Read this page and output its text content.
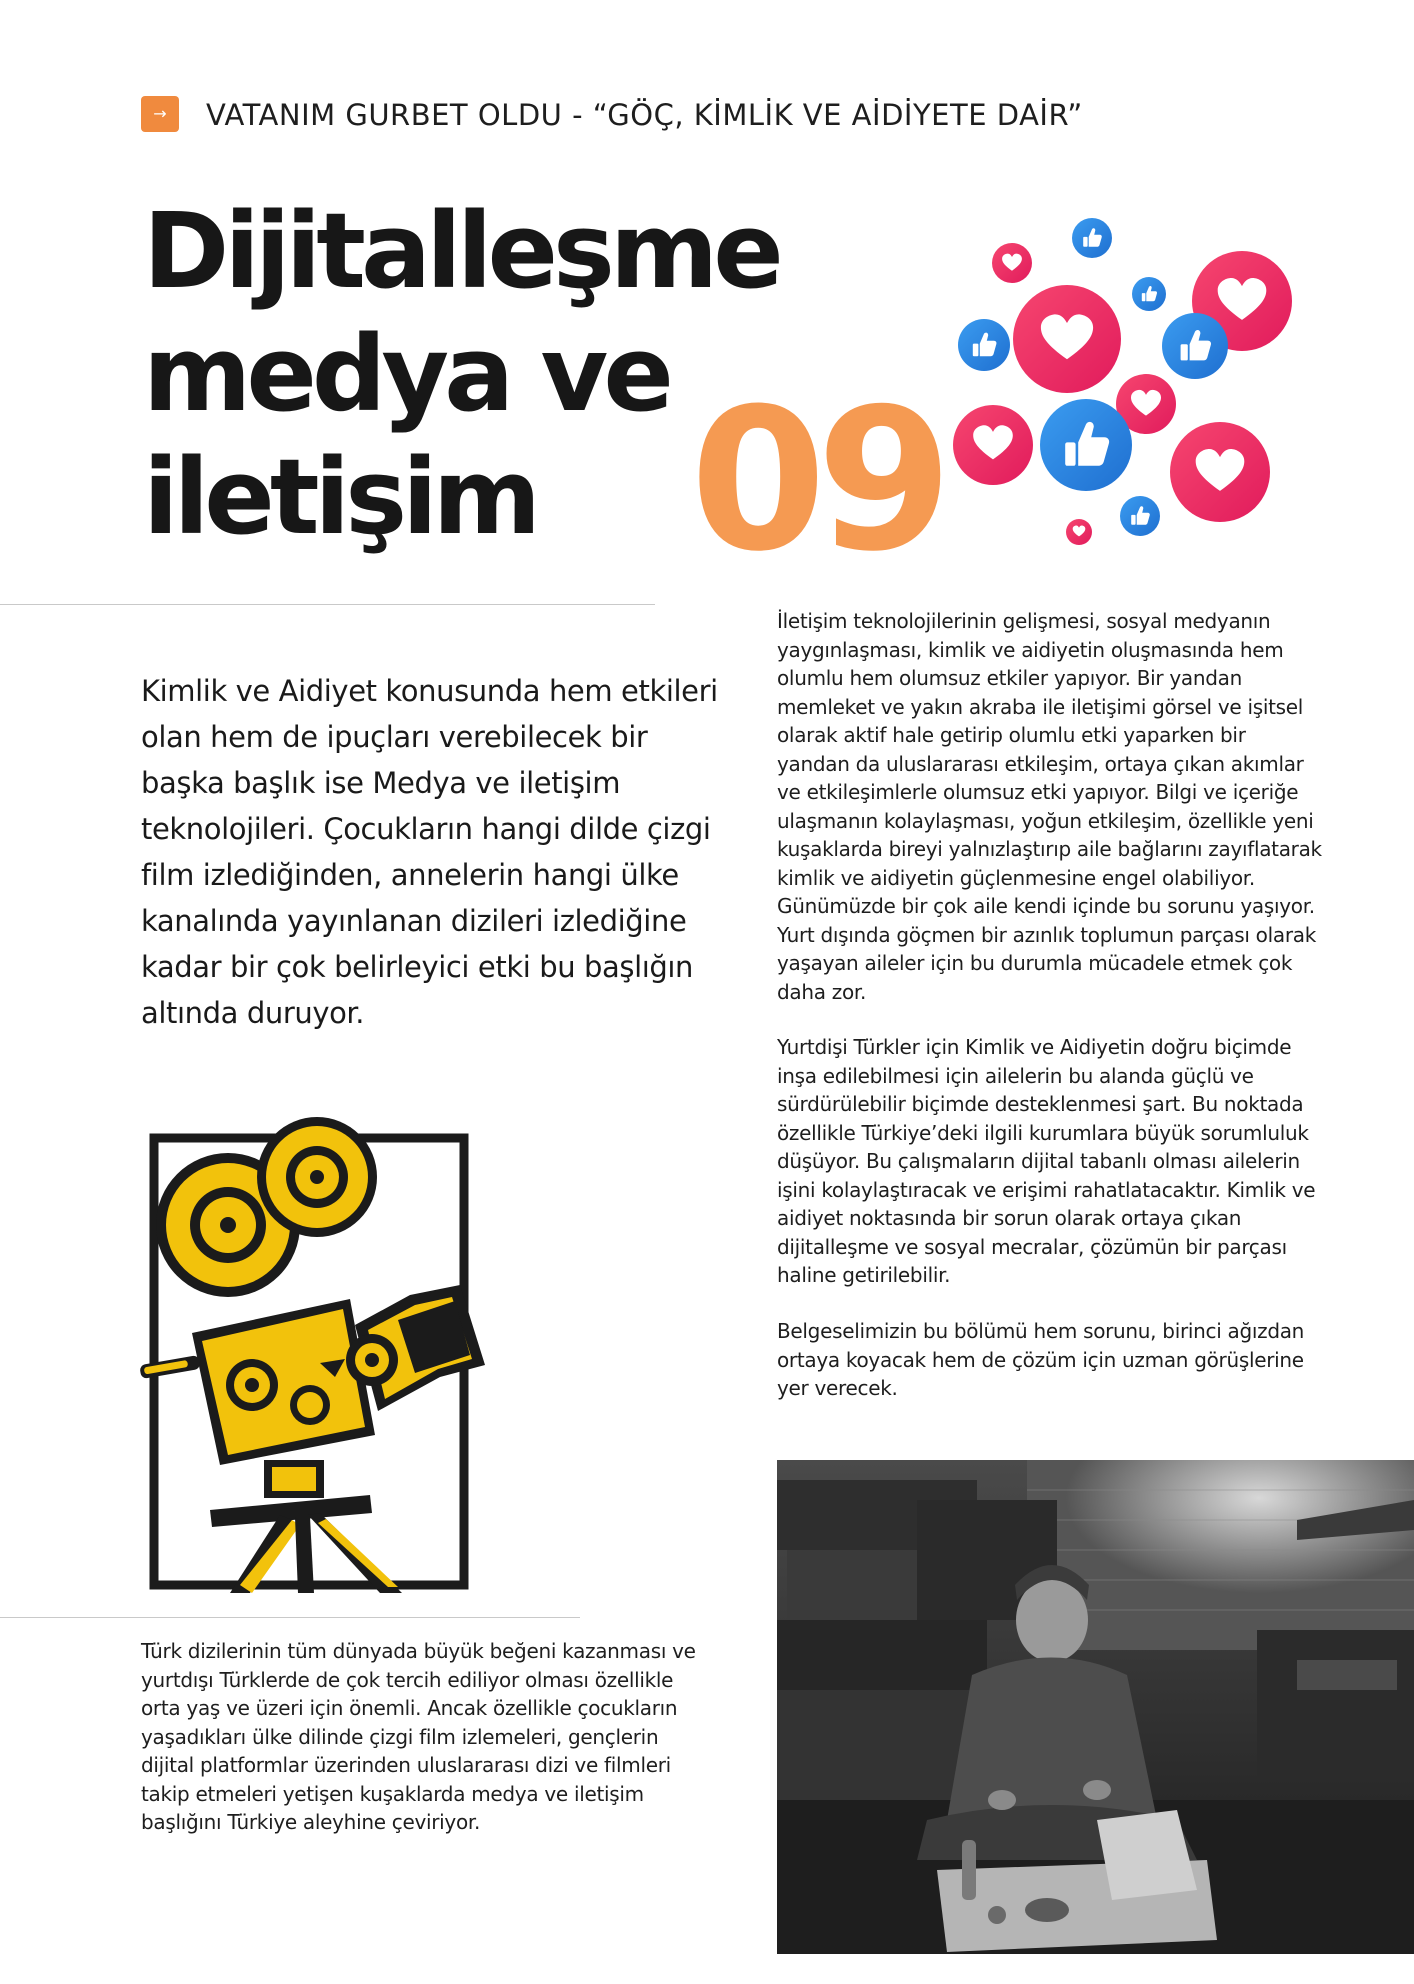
→	VATANIM GURBET OLDU - “GÖÇ, KİMLİK VE AİDİYETE DAİR”
Dijitalleşme
medya ve
iletişim 09

Kimlik ve Aidiyet konusunda hem etkileri olan hem de ipuçları verebilecek bir başka başlık ise Medya ve iletişim teknolojileri. Çocukların hangi dilde çizgi film izlediğinden, annelerin hangi ülke kanalında yayınlanan dizileri izlediğine kadar bir çok belirleyici etki bu başlığın altında duruyor.

İletişim teknolojilerinin gelişmesi, sosyal medyanın yaygınlaşması, kimlik ve aidiyetin oluşmasında hem olumlu hem olumsuz etkiler yapıyor. Bir yandan memleket ve yakın akraba ile iletişimi görsel ve işitsel olarak aktif hale getirip olumlu etki yaparken bir yandan da uluslararası etkileşim, ortaya çıkan akımlar ve etkileşimlerle olumsuz etki yapıyor. Bilgi ve içeriğe ulaşmanın kolaylaşması, yoğun etkileşim, özellikle yeni kuşaklarda bireyi yalnızlaştırıp aile bağlarını zayıflatarak kimlik ve aidiyetin güçlenmesine engel olabiliyor. Günümüzde bir çok aile kendi içinde bu sorunu yaşıyor. Yurt dışında göçmen bir azınlık toplumun parçası olarak yaşayan aileler için bu durumla mücadele etmek çok daha zor.

Yurtdişi Türkler için Kimlik ve Aidiyetin doğru biçimde inşa edilebilmesi için ailelerin bu alanda güçlü ve sürdürülebilir biçimde desteklenmesi şart. Bu noktada özellikle Türkiye’deki ilgili kurumlara büyük sorumluluk düşüyor. Bu çalışmaların dijital tabanlı olması ailelerin işini kolaylaştıracak ve erişimi rahatlatacaktır. Kimlik ve aidiyet noktasında bir sorun olarak ortaya çıkan dijitalleşme ve sosyal mecralar, çözümün bir parçası haline getirilebilir.

Belgeselimizin bu bölümü hem sorunu, birinci ağızdan ortaya koyacak hem de çözüm için uzman görüşlerine yer verecek.

Türk dizilerinin tüm dünyada büyük beğeni kazanması ve yurtdışı Türklerde de çok tercih ediliyor olması özellikle orta yaş ve üzeri için önemli. Ancak özellikle çocukların yaşadıkları ülke dilinde çizgi film izlemeleri, gençlerin dijital platformlar üzerinden uluslararası dizi ve filmleri takip etmeleri yetişen kuşaklarda medya ve iletişim başlığını Türkiye aleyhine çeviriyor.
